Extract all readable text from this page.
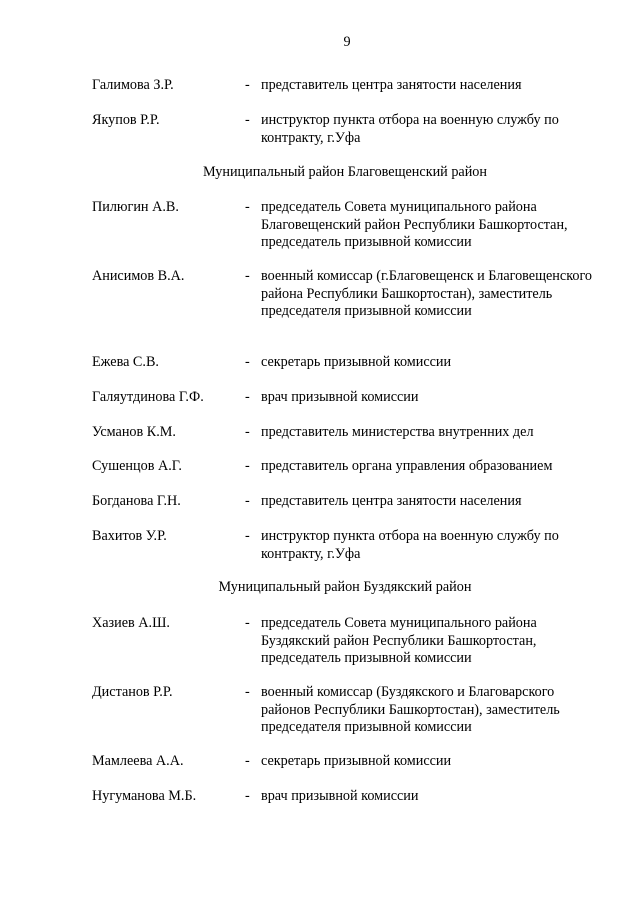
9
Галимова З.Р.	- представитель центра занятости населения
Якупов Р.Р.	- инструктор пункта отбора на военную службу по контракту, г.Уфа
Муниципальный район Благовещенский район
Пилюгин А.В.	- председатель Совета муниципального района Благовещенский район Республики Башкортостан, председатель призывной комиссии
Анисимов В.А.	- военный комиссар (г.Благовещенск и Благовещенского района Республики Башкортостан), заместитель председателя призывной комиссии
Ежева С.В.	- секретарь призывной комиссии
Галяутдинова Г.Ф.	- врач призывной комиссии
Усманов К.М.	- представитель министерства внутренних дел
Сушенцов А.Г.	- представитель органа управления образованием
Богданова Г.Н.	- представитель центра занятости населения
Вахитов У.Р.	- инструктор пункта отбора на военную службу по контракту, г.Уфа
Муниципальный район Буздякский район
Хазиев А.Ш.	- председатель Совета муниципального района Буздякский район Республики Башкортостан, председатель призывной комиссии
Дистанов Р.Р.	- военный комиссар (Буздякского и Благоварского районов Республики Башкортостан), заместитель председателя призывной комиссии
Мамлеева А.А.	- секретарь призывной комиссии
Нугуманова М.Б.	- врач призывной комиссии
